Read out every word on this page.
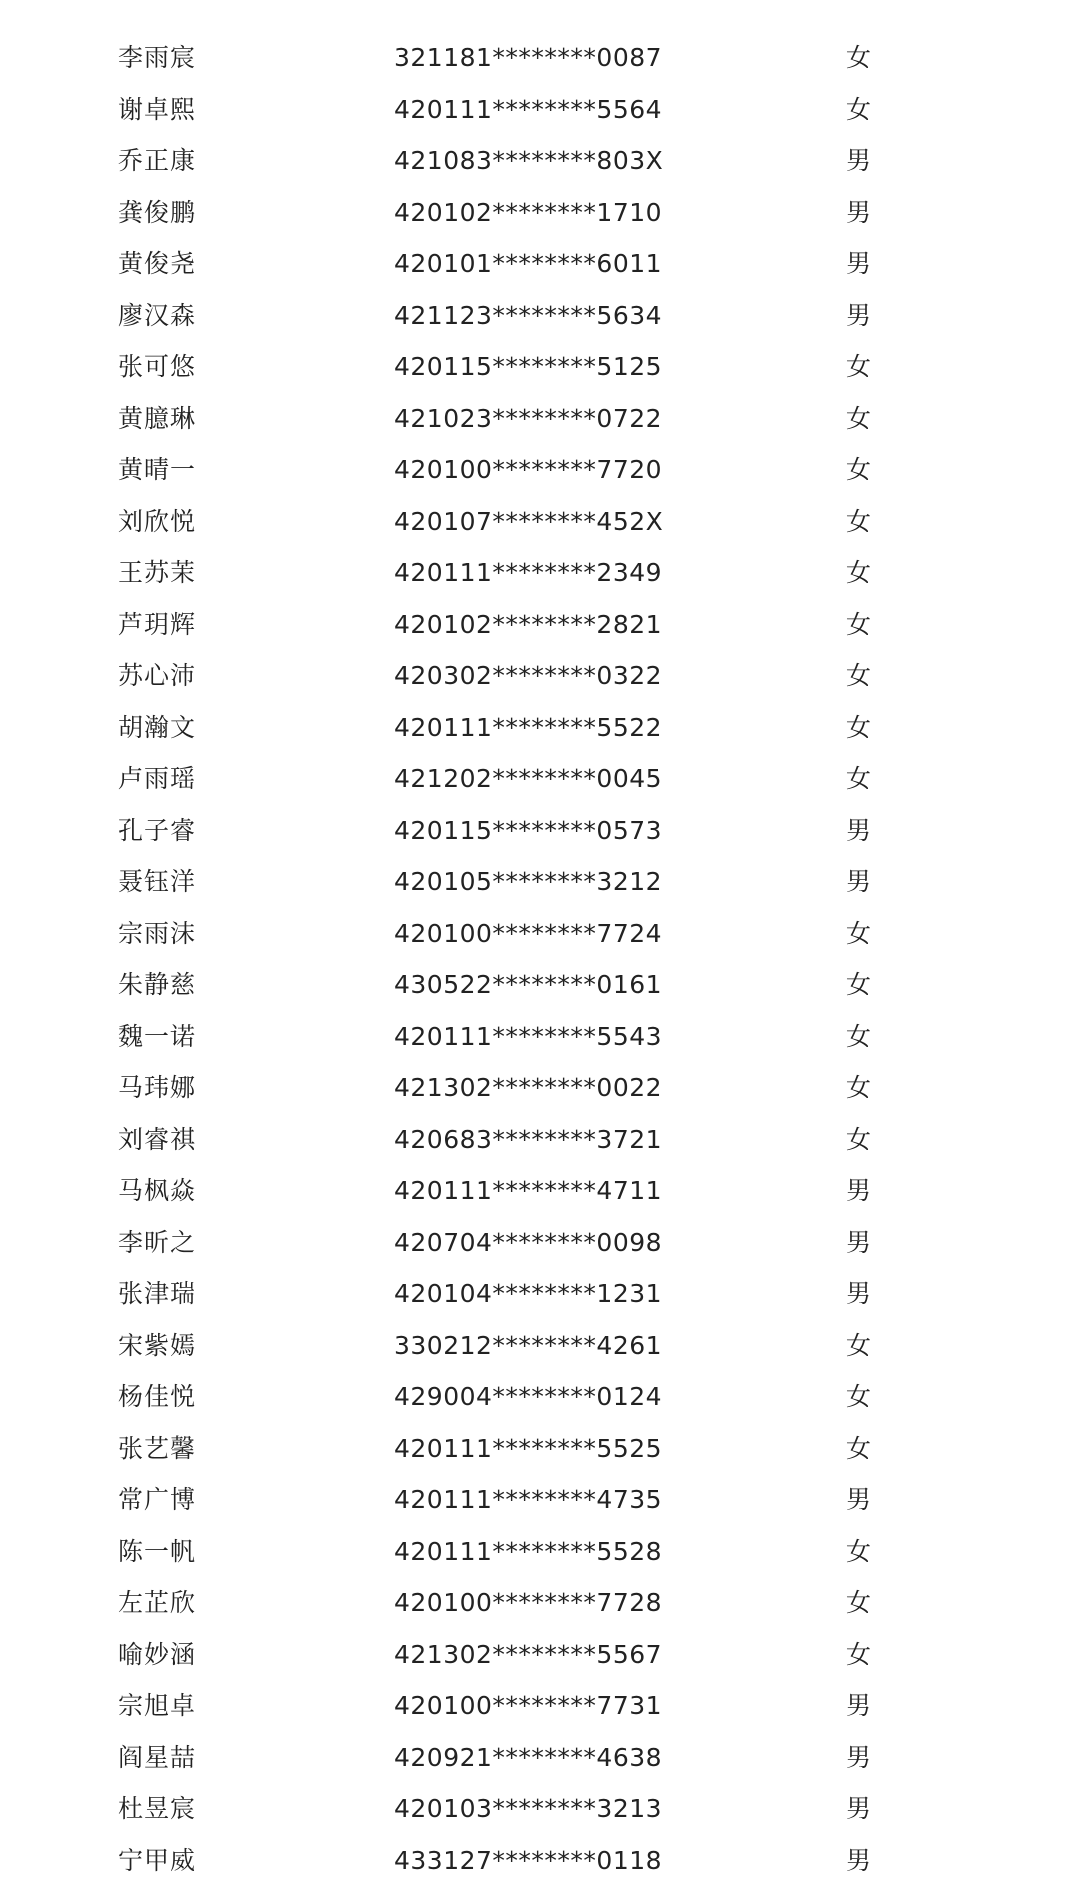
李雨宸	321181********0087	女
谢卓熙	420111********5564	女
乔正康	421083********803X	男
龚俊鹏	420102********1710	男
黄俊尧	420101********6011	男
廖汉森	421123********5634	男
张可悠	420115********5125	女
黄臆琳	421023********0722	女
黄晴一	420100********7720	女
刘欣悦	420107********452X	女
王苏茉	420111********2349	女
芦玥辉	420102********2821	女
苏心沛	420302********0322	女
胡瀚文	420111********5522	女
卢雨瑶	421202********0045	女
孔子睿	420115********0573	男
聂钰洋	420105********3212	男
宗雨沫	420100********7724	女
朱静慈	430522********0161	女
魏一诺	420111********5543	女
马玮娜	421302********0022	女
刘睿祺	420683********3721	女
马枫焱	420111********4711	男
李昕之	420704********0098	男
张津瑞	420104********1231	男
宋紫嫣	330212********4261	女
杨佳悦	429004********0124	女
张艺馨	420111********5525	女
常广博	420111********4735	男
陈一帆	420111********5528	女
左芷欣	420100********7728	女
喻妙涵	421302********5567	女
宗旭卓	420100********7731	男
阎星喆	420921********4638	男
杜昱宸	420103********3213	男
宁甲威	433127********0118	男
